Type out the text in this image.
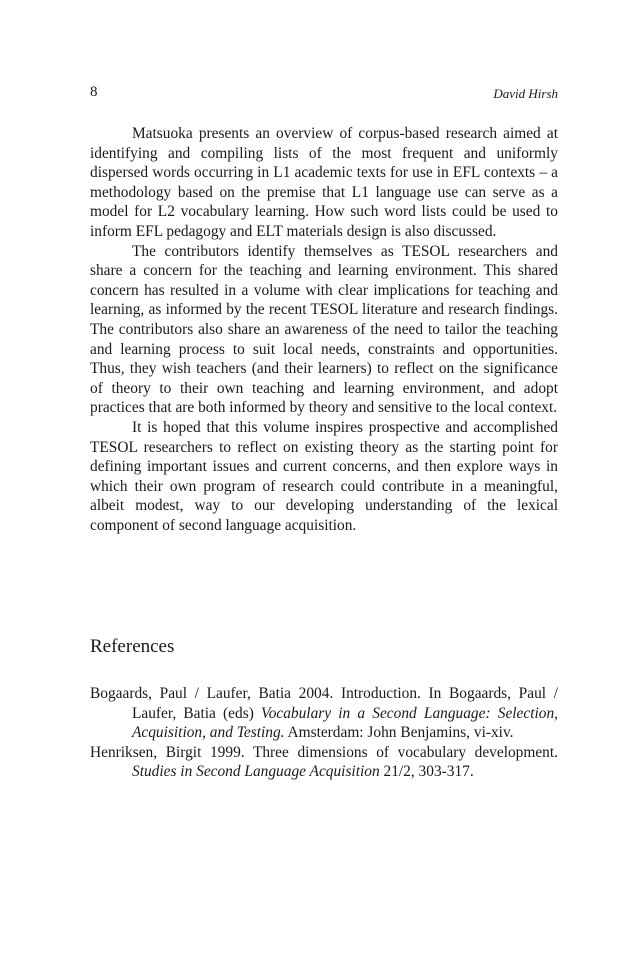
8	David Hirsh

Matsuoka presents an overview of corpus-based research aimed at identifying and compiling lists of the most frequent and uniformly dispersed words occurring in L1 academic texts for use in EFL contexts – a methodology based on the premise that L1 language use can serve as a model for L2 vocabulary learning. How such word lists could be used to inform EFL pedagogy and ELT materials design is also discussed.

The contributors identify themselves as TESOL researchers and share a concern for the teaching and learning environment. This shared concern has resulted in a volume with clear implications for teaching and learning, as informed by the recent TESOL literature and research findings. The contributors also share an awareness of the need to tailor the teaching and learning process to suit local needs, constraints and opportunities. Thus, they wish teachers (and their learners) to reflect on the significance of theory to their own teaching and learning environment, and adopt practices that are both informed by theory and sensitive to the local context.

It is hoped that this volume inspires prospective and accomplished TESOL researchers to reflect on existing theory as the starting point for defining important issues and current concerns, and then explore ways in which their own program of research could contribute in a meaningful, albeit modest, way to our developing understanding of the lexical component of second language acquisition.

References

Bogaards, Paul / Laufer, Batia 2004. Introduction. In Bogaards, Paul / Laufer, Batia (eds) Vocabulary in a Second Language: Selection, Acquisition, and Testing. Amsterdam: John Benjamins, vi-xiv.

Henriksen, Birgit 1999. Three dimensions of vocabulary development. Studies in Second Language Acquisition 21/2, 303-317.
